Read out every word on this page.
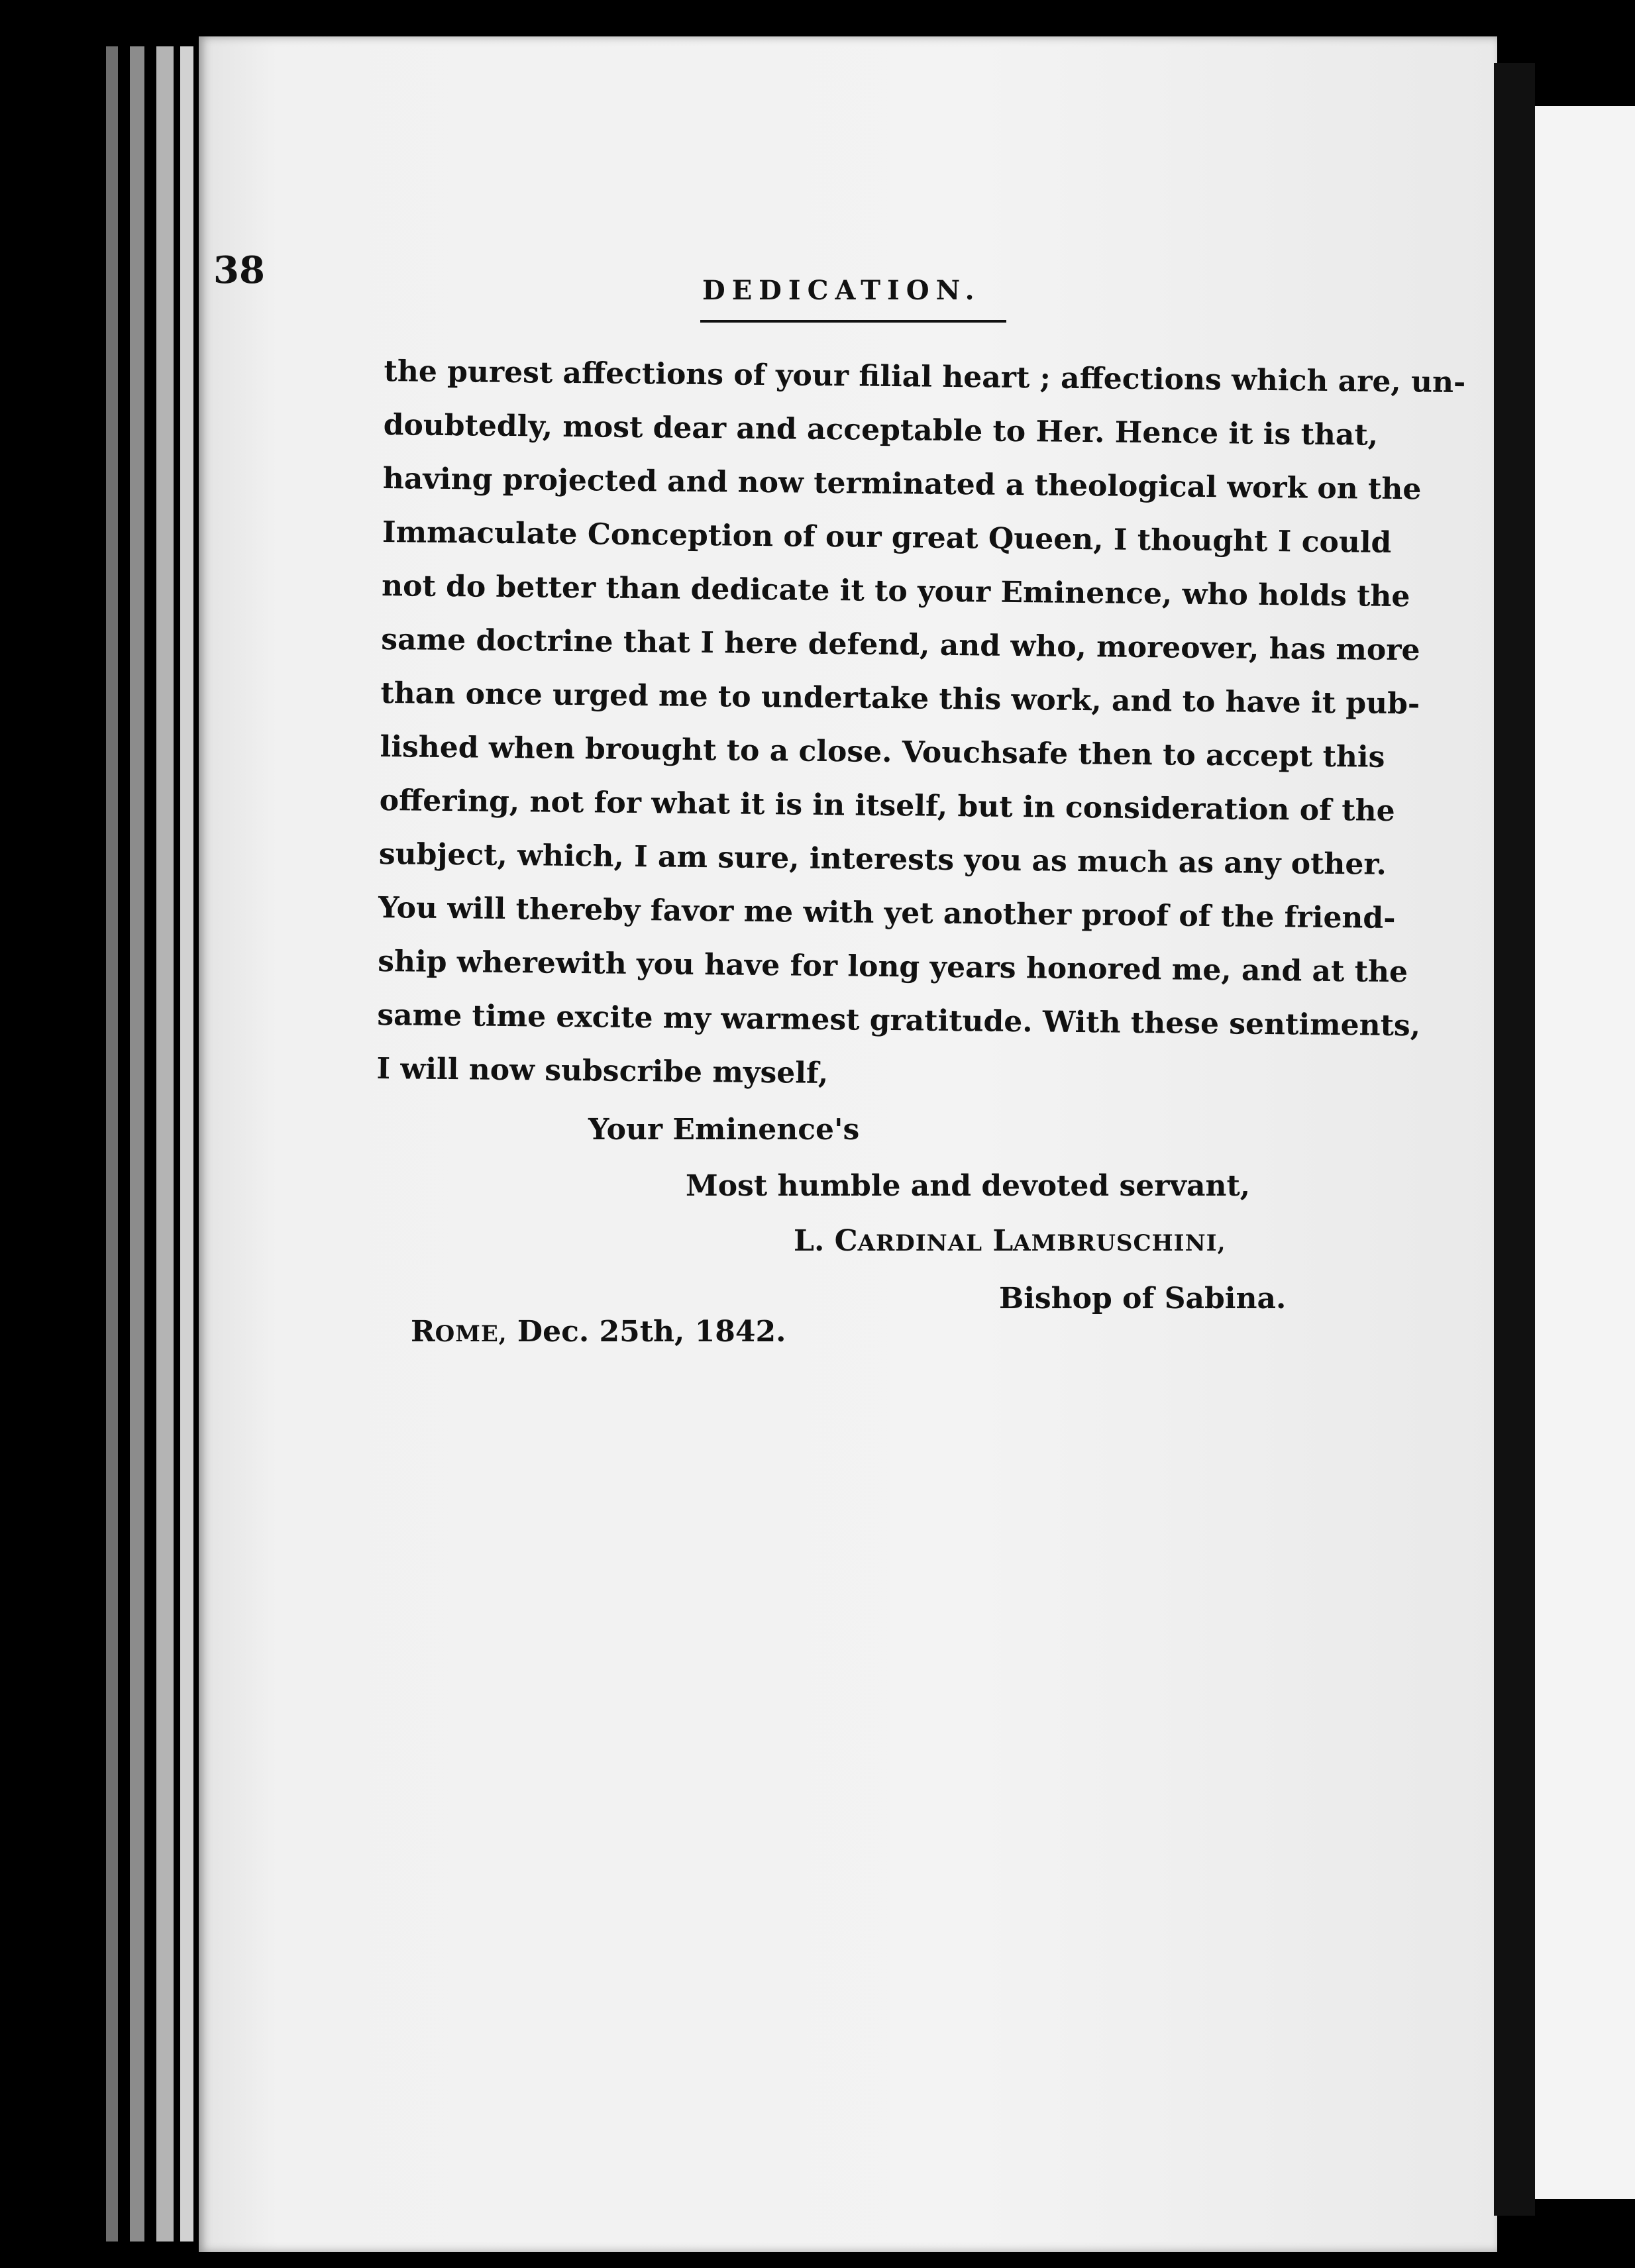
38	DEDICATION.
the purest affections of your filial heart ; affections which are, un-
doubtedly, most dear and acceptable to Her. Hence it is that,
having projected and now terminated a theological work on the
Immaculate Conception of our great Queen, I thought I could
not do better than dedicate it to your Eminence, who holds the
same doctrine that I here defend, and who, moreover, has more
than once urged me to undertake this work, and to have it pub-
lished when brought to a close. Vouchsafe then to accept this
offering, not for what it is in itself, but in consideration of the
subject, which, I am sure, interests you as much as any other.
You will thereby favor me with yet another proof of the friend-
ship wherewith you have for long years honored me, and at the
same time excite my warmest gratitude. With these sentiments,
I will now subscribe myself,
Your Eminence's
Most humble and devoted servant,
L. CARDINAL LAMBRUSCHINI,
Bishop of Sabina.
ROME, Dec. 25th, 1842.
